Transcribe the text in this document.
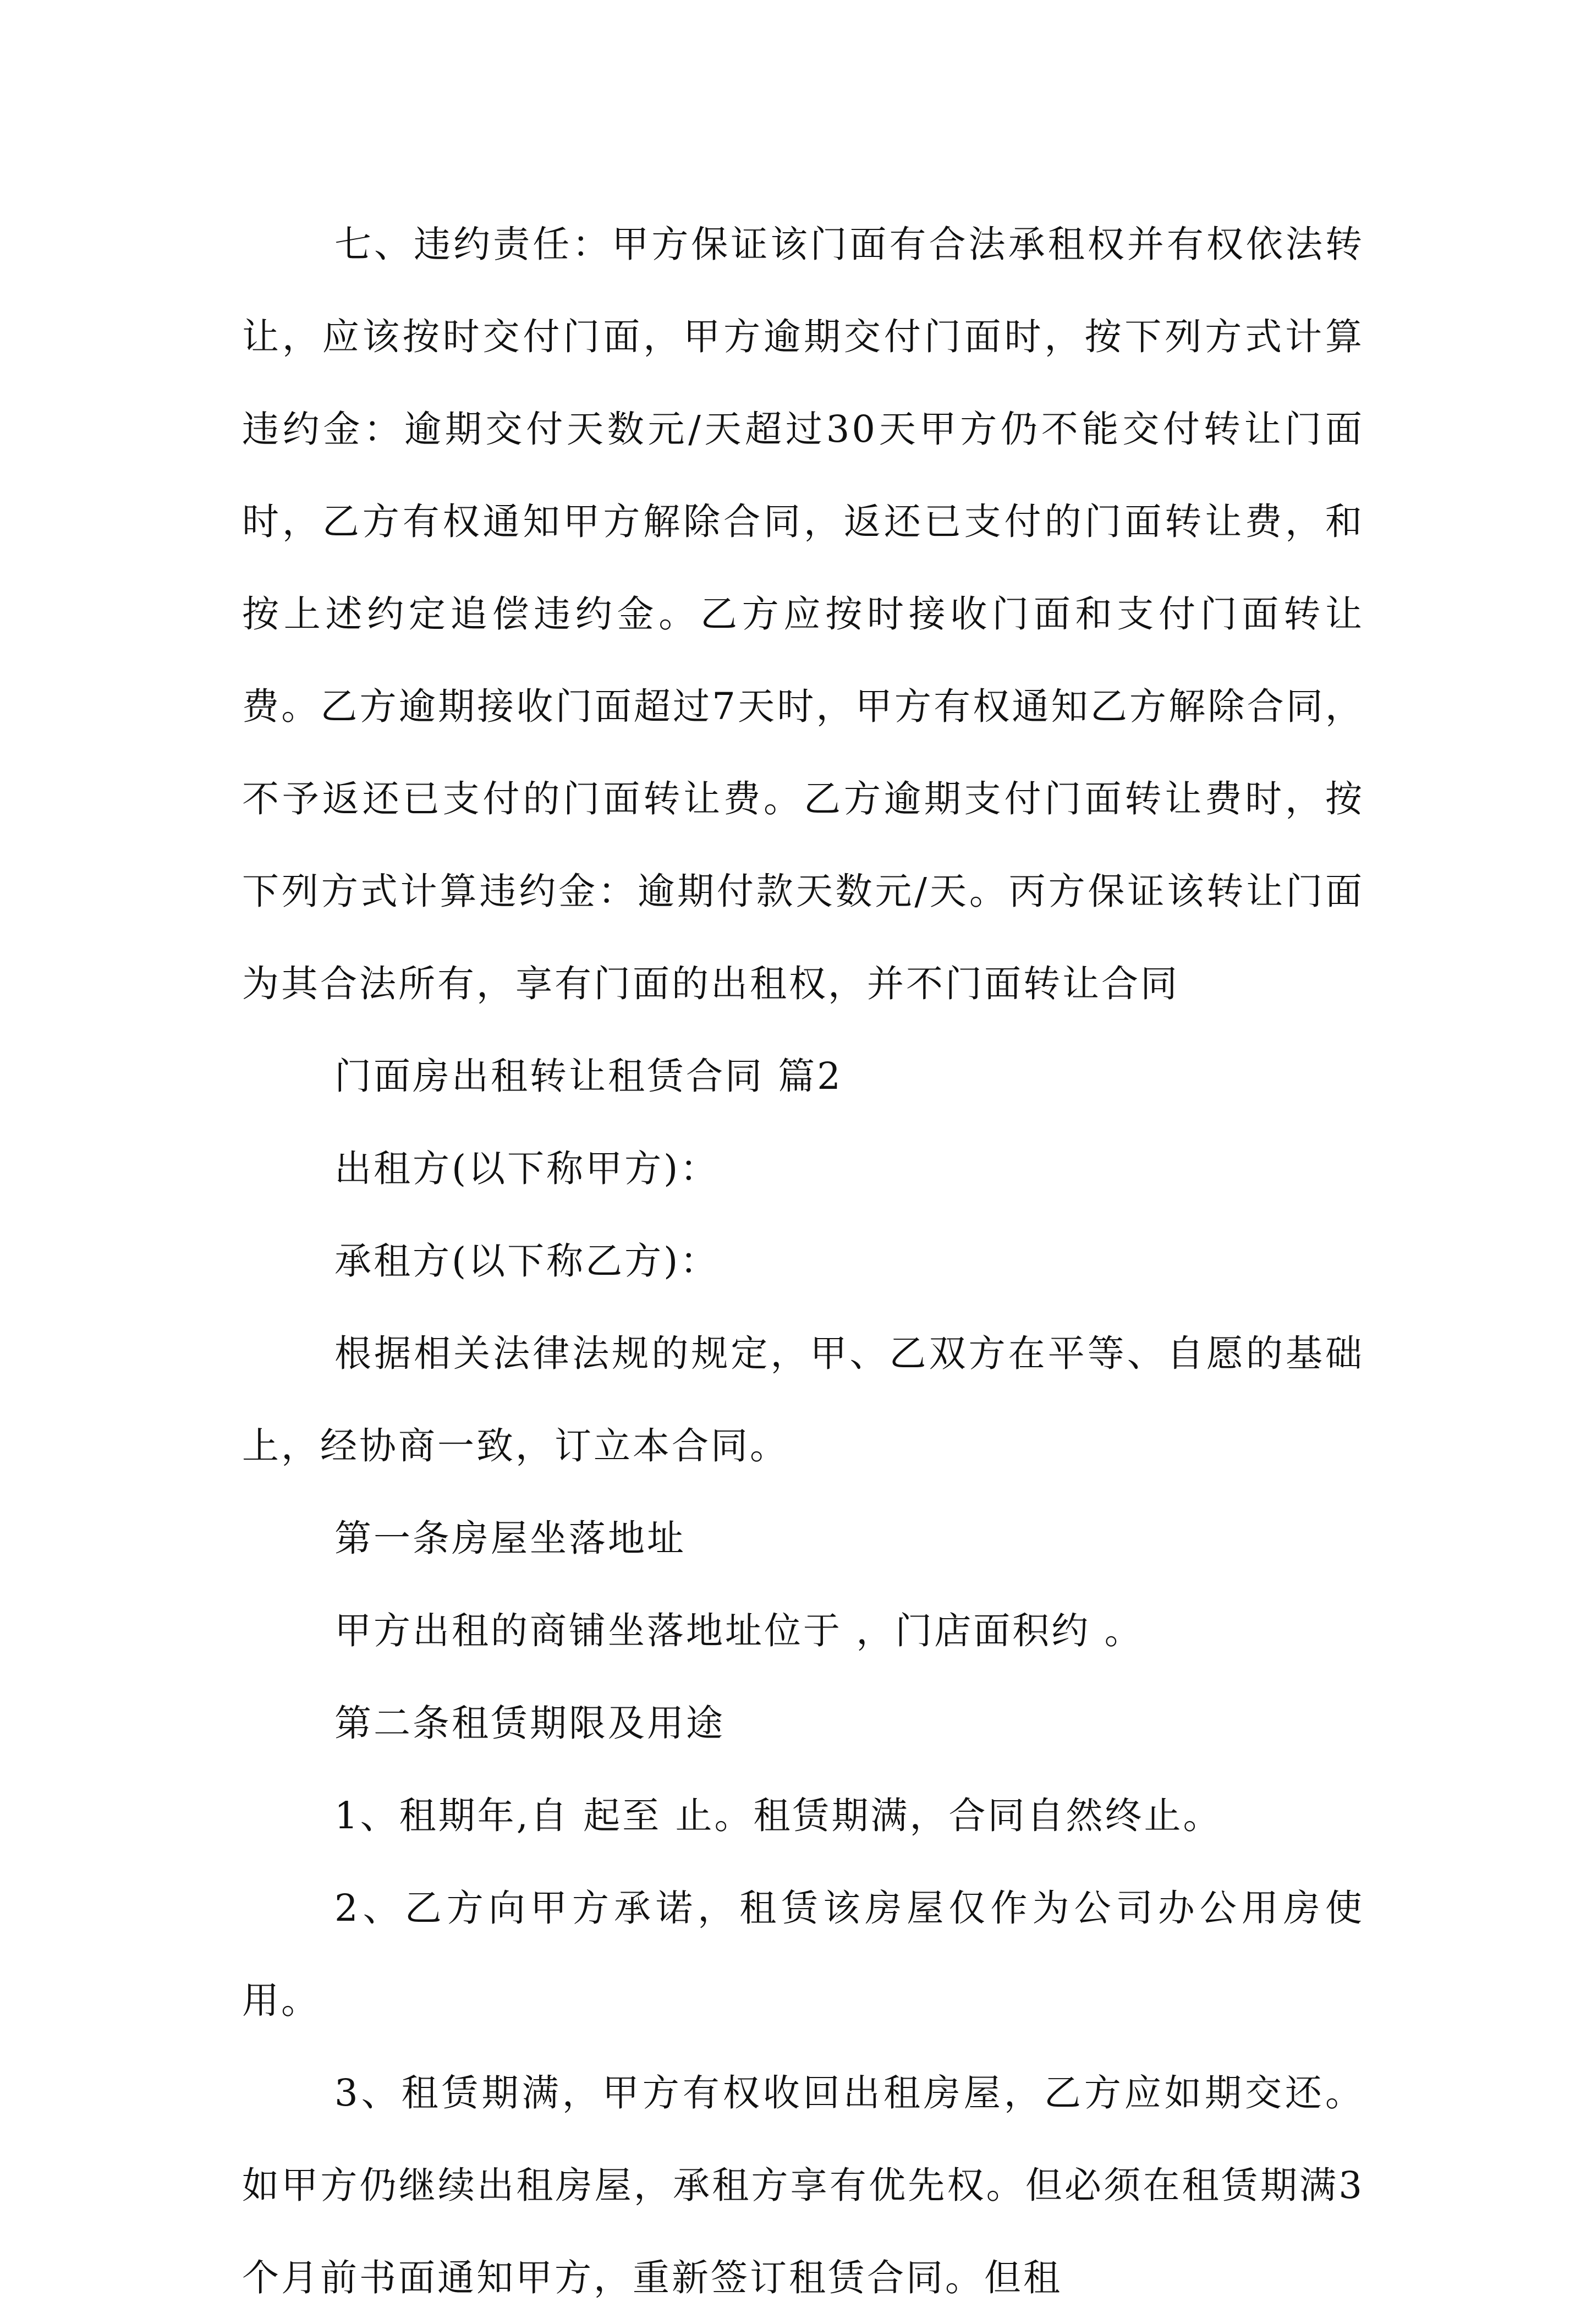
七、违约责任：甲方保证该门面有合法承租权并有权依法转让，应该按时交付门面，甲方逾期交付门面时，按下列方式计算违约金：逾期交付天数元/天超过30天甲方仍不能交付转让门面时，乙方有权通知甲方解除合同，返还已支付的门面转让费，和按上述约定追偿违约金。乙方应按时接收门面和支付门面转让费。乙方逾期接收门面超过7天时，甲方有权通知乙方解除合同，不予返还已支付的门面转让费。乙方逾期支付门面转让费时，按下列方式计算违约金：逾期付款天数元/天。丙方保证该转让门面为其合法所有，享有门面的出租权，并不门面转让合同

门面房出租转让租赁合同 篇2

出租方(以下称甲方)：

承租方(以下称乙方)：

根据相关法律法规的规定，甲、乙双方在平等、自愿的基础上，经协商一致，订立本合同。

第一条房屋坐落地址

甲方出租的商铺坐落地址位于 ，门店面积约 。

第二条租赁期限及用途

1、租期年,自 起至 止。租赁期满，合同自然终止。

2、乙方向甲方承诺，租赁该房屋仅作为公司办公用房使用。

3、租赁期满，甲方有权收回出租房屋，乙方应如期交还。如甲方仍继续出租房屋，承租方享有优先权。但必须在租赁期满3个月前书面通知甲方，重新签订租赁合同。但租
